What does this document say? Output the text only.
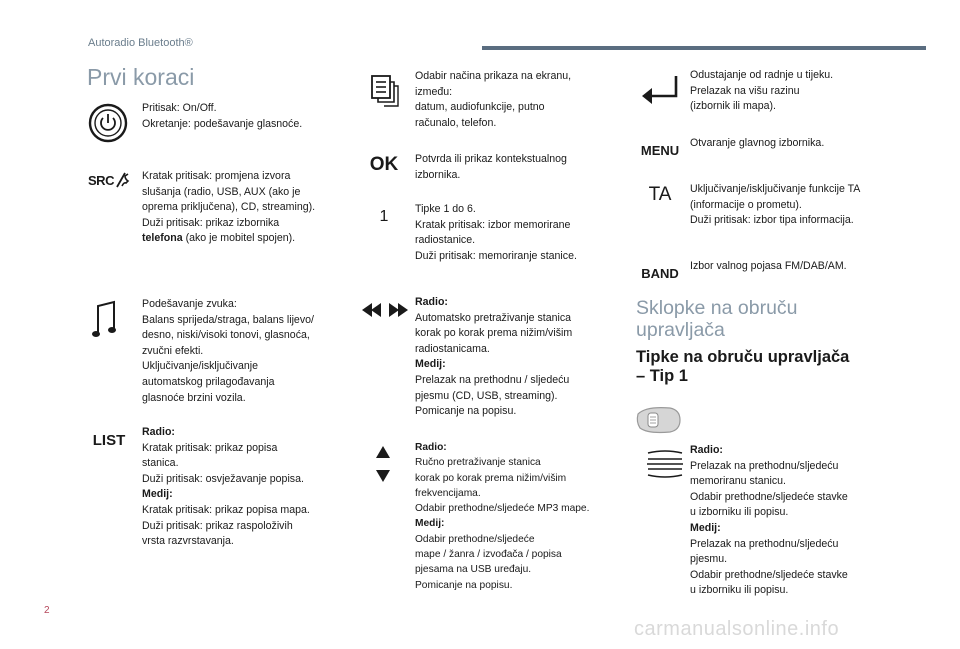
Autoradio Bluetooth®
Prvi koraci
Pritisak: On/Off.
Okretanje: podešavanje glasnoće.
SRC	Kratak pritisak: promjena izvora
slušanja (radio, USB, AUX (ako je
oprema priključena), CD, streaming).
Duži pritisak: prikaz izbornika
telefona (ako je mobitel spojen).
Podešavanje zvuka:
Balans sprijeda/straga, balans lijevo/
desno, niski/visoki tonovi, glasnoća,
zvučni efekti.
Uključivanje/isključivanje
automatskog prilagođavanja
glasnoće brzini vozila.
LIST Radio:
Kratak pritisak: prikaz popisa
stanica.
Duži pritisak: osvježavanje popisa.
Medij:
Kratak pritisak: prikaz popisa mapa.
Duži pritisak: prikaz raspoloživih
vrsta razvrstavanja.
Odabir načina prikaza na ekranu,
između:
datum, audiofunkcije, putno
računalo, telefon.
OK Potvrda ili prikaz kontekstualnog
izbornika.
1	Tipke 1 do 6.
Kratak pritisak: izbor memorirane
radiostanice.
Duži pritisak: memoriranje stanice.
Radio:
Automatsko pretraživanje stanica
korak po korak prema nižim/višim
radiostanicama.
Medij:
Prelazak na prethodnu / sljedeću
pjesmu (CD, USB, streaming).
Pomicanje na popisu.
Radio:
Ručno pretraživanje stanica
korak po korak prema nižim/višim
frekvencijama.
Odabir prethodne/sljedeće MP3 mape.
Medij:
Odabir prethodne/sljedeće
mape / žanra / izvođača / popisa
pjesama na USB uređaju.
Pomicanje na popisu.
Odustajanje od radnje u tijeku.
Prelazak na višu razinu
(izbornik ili mapa).
MENU Otvaranje glavnog izbornika.
TA Uključivanje/isključivanje funkcije TA
(informacije o prometu).
Duži pritisak: izbor tipa informacija.
BAND Izbor valnog pojasa FM/DAB/AM.
Sklopke na obruču upravljača
Tipke na obruču upravljača – Tip 1
Radio:
Prelazak na prethodnu/sljedeću
memoriranu stanicu.
Odabir prethodne/sljedeće stavke
u izborniku ili popisu.
Medij:
Prelazak na prethodnu/sljedeću
pjesmu.
Odabir prethodne/sljedeće stavke
u izborniku ili popisu.
2
carmanualsonline.info
